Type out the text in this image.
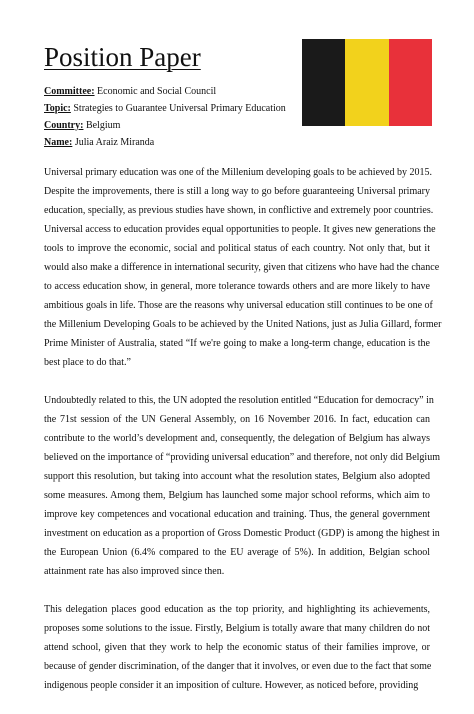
Position Paper
Committee: Economic and Social Council
Topic: Strategies to Guarantee Universal Primary Education
Country: Belgium
Name: Julia Araiz Miranda
Universal primary education was one of the Millenium developing goals to be achieved by 2015.
Despite the improvements, there is still a long way to go before guaranteeing Universal primary
education, specially, as previous studies have shown, in conflictive and extremely poor countries.
Universal access to education provides equal opportunities to people. It gives new generations the
tools to improve the economic, social and political status of each country. Not only that, but it
would also make a difference in international security, given that citizens who have had the chance
to access education show, in general, more tolerance towards others and are more likely to have
ambitious goals in life. Those are the reasons why universal education still continues to be one of
the Millenium Developing Goals to be achieved by the United Nations, just as Julia Gillard, former
Prime Minister of Australia, stated “If we're going to make a long-term change, education is the
best place to do that.”
Undoubtedly related to this, the UN adopted the resolution entitled “Education for democracy” in
the 71st session of the UN General Assembly, on 16 November 2016. In fact, education can
contribute to the world’s development and, consequently, the delegation of Belgium has always
believed on the importance of “providing universal education” and therefore, not only did Belgium
support this resolution, but taking into account what the resolution states, Belgium also adopted
some measures. Among them, Belgium has launched some major school reforms, which aim to
improve key competences and vocational education and training. Thus, the general government
investment on education as a proportion of Gross Domestic Product (GDP) is among the highest in
the European Union (6.4% compared to the EU average of 5%). In addition, Belgian school
attainment rate has also improved since then.
This delegation places good education as the top priority, and highlighting its achievements,
proposes some solutions to the issue. Firstly, Belgium is totally aware that many children do not
attend school, given that they work to help the economic status of their families improve, or
because of gender discrimination, of the danger that it involves, or even due to the fact that some
indigenous people consider it an imposition of culture. However, as noticed before, providing
